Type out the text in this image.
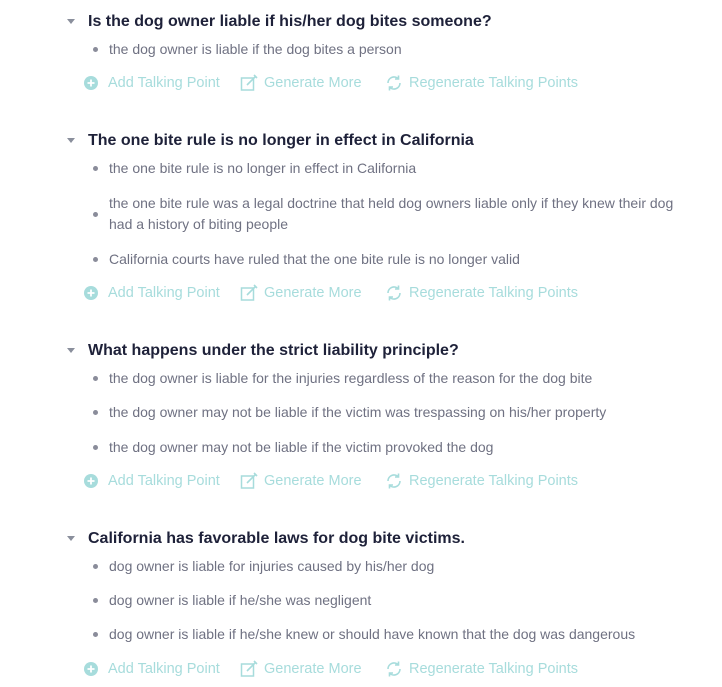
Is the dog owner liable if his/her dog bites someone?
the dog owner is liable if the dog bites a person
Add Talking Point	Generate More	Regenerate Talking Points
The one bite rule is no longer in effect in California
the one bite rule is no longer in effect in California
the one bite rule was a legal doctrine that held dog owners liable only if they knew their dog had a history of biting people
California courts have ruled that the one bite rule is no longer valid
Add Talking Point	Generate More	Regenerate Talking Points
What happens under the strict liability principle?
the dog owner is liable for the injuries regardless of the reason for the dog bite
the dog owner may not be liable if the victim was trespassing on his/her property
the dog owner may not be liable if the victim provoked the dog
Add Talking Point	Generate More	Regenerate Talking Points
California has favorable laws for dog bite victims.
dog owner is liable for injuries caused by his/her dog
dog owner is liable if he/she was negligent
dog owner is liable if he/she knew or should have known that the dog was dangerous
Add Talking Point	Generate More	Regenerate Talking Points
